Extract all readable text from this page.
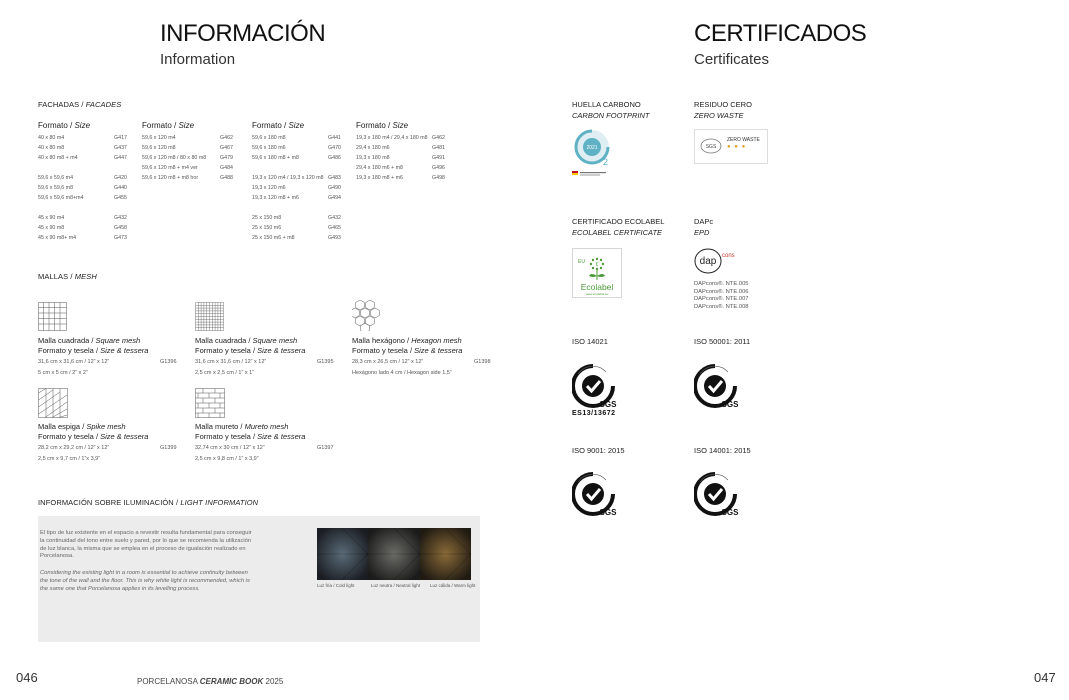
INFORMACIÓN
Information
FACHADAS / FACADES
Formato / Size
40 x 80 m4	G417
40 x 80 m8	G437
40 x 80 m8 + m4	G447
59,6 x 59,6 m4	G420
59,6 x 59,6 m8	G440
59,6 x 59,6 m8+m4	G455
45 x 90 m4	G432
45 x 90 m8	G458
45 x 90 m8+ m4	G473
Formato / Size
59,6 x 120 m4	G462
59,6 x 120 m8	G467
59,6 x 120 m8 / 80 x 80 m8	G479
59,6 x 120 m8 + m4 ver	G484
59,6 x 120 m8 + m8 hor	G488
Formato / Size
59,6 x 180 m8	G441
59,6 x 180 m6	G470
59,6 x 180 m8 + m8	G486
19,3 x 120 m4 / 19,3 x 120 m8 G483
19,3 x 120 m6	G490
19,3 x 120 m8 + m6	G494
25 x 150 m8	G432
25 x 150 m6	G465
25 x 150 m6 + m8	G493
Formato / Size
19,3 x 180 m4 / 29,4 x 180 m8 G462
29,4 x 180 m6	G481
19,3 x 180 m8	G491
29,4 x 180 m6 + m8	G496
19,3 x 180 m8 + m6	G498
MALLAS / MESH
Malla cuadrada / Square mesh
Formato y tesela / Size & tessera
31,6 cm x 31,6 cm / 12” x 12”	G1396
5 cm x 5 cm / 2” x 2”
Malla cuadrada / Square mesh
Formato y tesela / Size & tessera
31,6 cm x 31,6 cm / 12” x 12”	G1395
2,5 cm x 2,5 cm / 1” x 1”
Malla hexágono / Hexagon mesh
Formato y tesela / Size & tessera
28,3 cm x 26,5 cm / 12” x 12”	G1398
Hexágono lado 4 cm / Hexagon side 1,5”
Malla espiga / Spike mesh
Formato y tesela / Size & tessera
28,2 cm x 29,2 cm / 12” x 12”	G1399
2,5 cm x 9,7 cm / 1”x 3,9”
Malla mureto / Mureto mesh
Formato y tesela / Size & tessera
32,74 cm x 30 cm / 12” x 12”	G1397
2,5 cm x 9,8 cm / 1” x 3,9”
INFORMACIÓN SOBRE ILUMINACIÓN / LIGHT INFORMATION
El tipo de luz existente en el espacio a revestir resulta fundamental para conseguir la continuidad del tono entre suelo y pared, por lo que se recomienda la utilización de luz blanca, la misma que se emplea en el proceso de igualación realizado en Porcelanosa.
Considering the existing light in a room is essential to achieve continuity between the tone of the wall and the floor. This is why white light is recommended, which is the same one that Porcelanosa applies in its levelling process.
Luz fría / Cold light	Luz neutra / Neutral light Luz cálida / Warm light
046	PORCELANOSA CERAMIC BOOK 2025
CERTIFICADOS
Certificates
HUELLA CARBONO
CARBON FOOTPRINT
2021
2
RESIDUO CERO
ZERO WASTE
SGS
ZERO WASTE
● ● ●
CERTIFICADO ECOLABEL
ECOLABEL CERTIFICATE
EU €
Ecolabel
www.ecolabel.eu
DAPc
EPD
dap cons
DAPcons®. NTE.005
DAPcons®. NTE.006
DAPcons®. NTE.007
DAPcons®. NTE.008
ISO 14021	ISO 50001: 2011
ISO 9001: 2015	ISO 14001: 2015
SGS	SGS
SGS	SGS
ES13/13672
047
